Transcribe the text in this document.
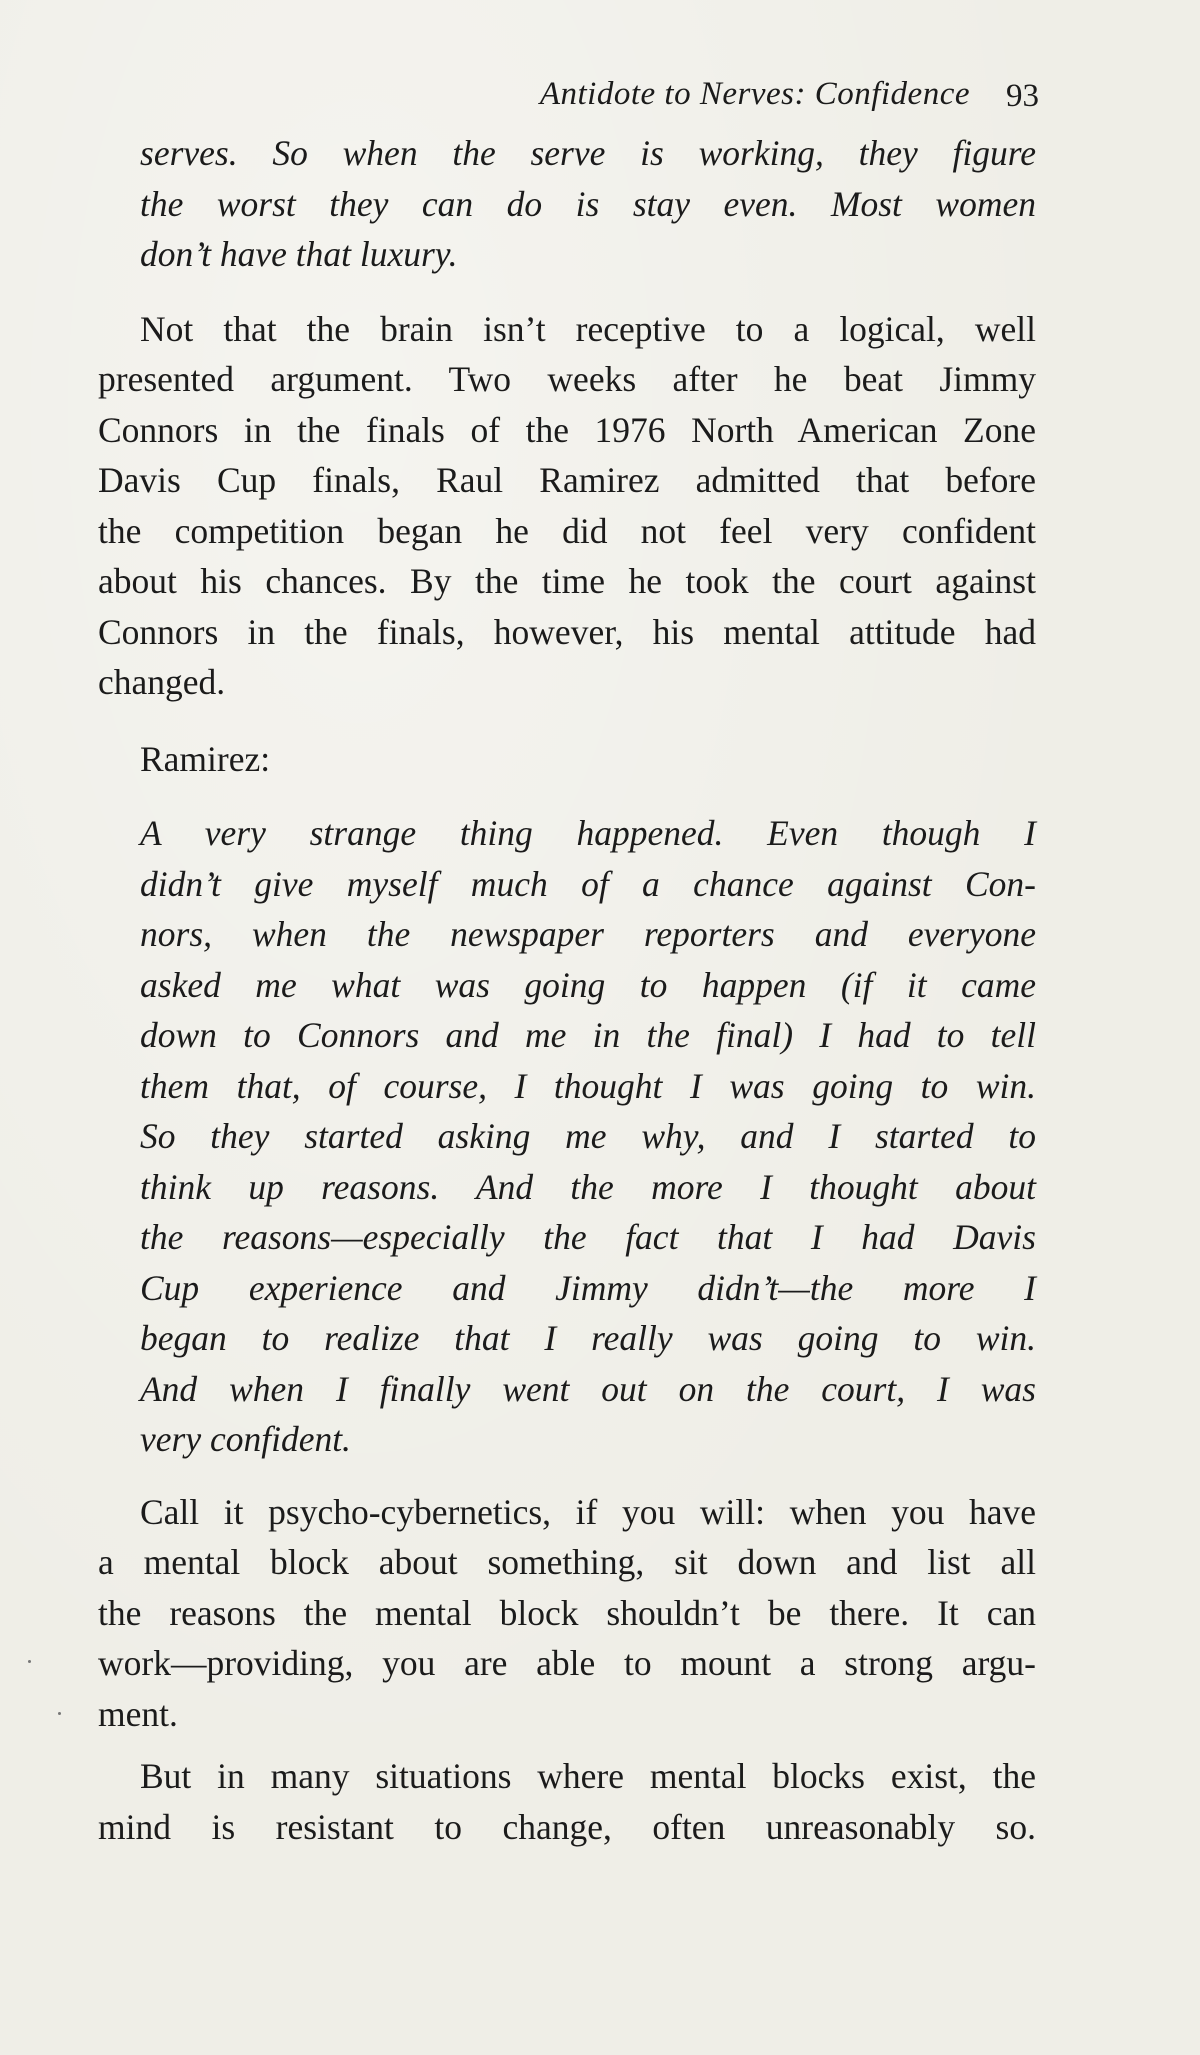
Antidote to Nerves: Confidence 93
serves. So when the serve is working, they figure
the worst they can do is stay even. Most women
don’t have that luxury.
Not that the brain isn’t receptive to a logical, well
presented argument. Two weeks after he beat Jimmy
Connors in the finals of the 1976 North American Zone
Davis Cup finals, Raul Ramirez admitted that before
the competition began he did not feel very confident
about his chances. By the time he took the court against
Connors in the finals, however, his mental attitude had
changed.
Ramirez:
A very strange thing happened. Even though I
didn’t give myself much of a chance against Con-
nors, when the newspaper reporters and everyone
asked me what was going to happen (if it came
down to Connors and me in the final) I had to tell
them that, of course, I thought I was going to win.
So they started asking me why, and I started to
think up reasons. And the more I thought about
the reasons—especially the fact that I had Davis
Cup experience and Jimmy didn’t—the more I
began to realize that I really was going to win.
And when I finally went out on the court, I was
very confident.
Call it psycho-cybernetics, if you will: when you have
a mental block about something, sit down and list all
the reasons the mental block shouldn’t be there. It can
work—providing, you are able to mount a strong argu-
ment.
But in many situations where mental blocks exist, the
mind is resistant to change, often unreasonably so.
